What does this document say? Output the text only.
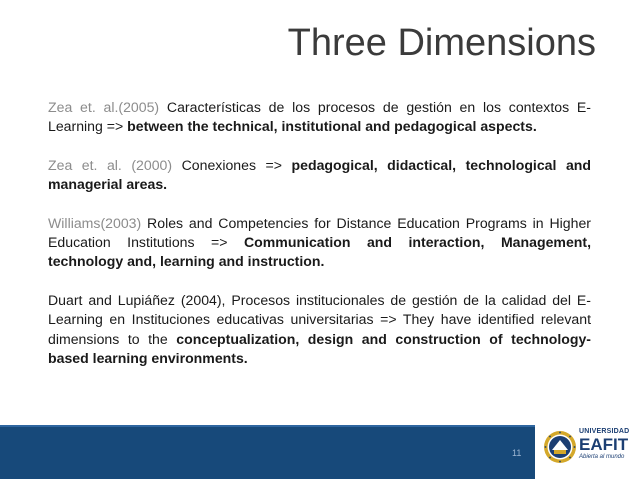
Three Dimensions

Zea et. al.(2005) Características de los procesos de gestión en los contextos E-Learning => between the technical, institutional and pedagogical aspects.

Zea et. al. (2000) Conexiones => pedagogical, didactical, technological and managerial areas.

Williams(2003) Roles and Competencies for Distance Education Programs in Higher Education Institutions => Communication and interaction, Management, technology and, learning and instruction.

Duart and Lupiáñez (2004), Procesos institucionales de gestión de la calidad del E-Learning en Instituciones educativas universitarias => They have identified relevant dimensions to the conceptualization, design and construction of technology-based learning environments.

11
UNIVERSIDAD
EAFIT
Abierta al mundo
